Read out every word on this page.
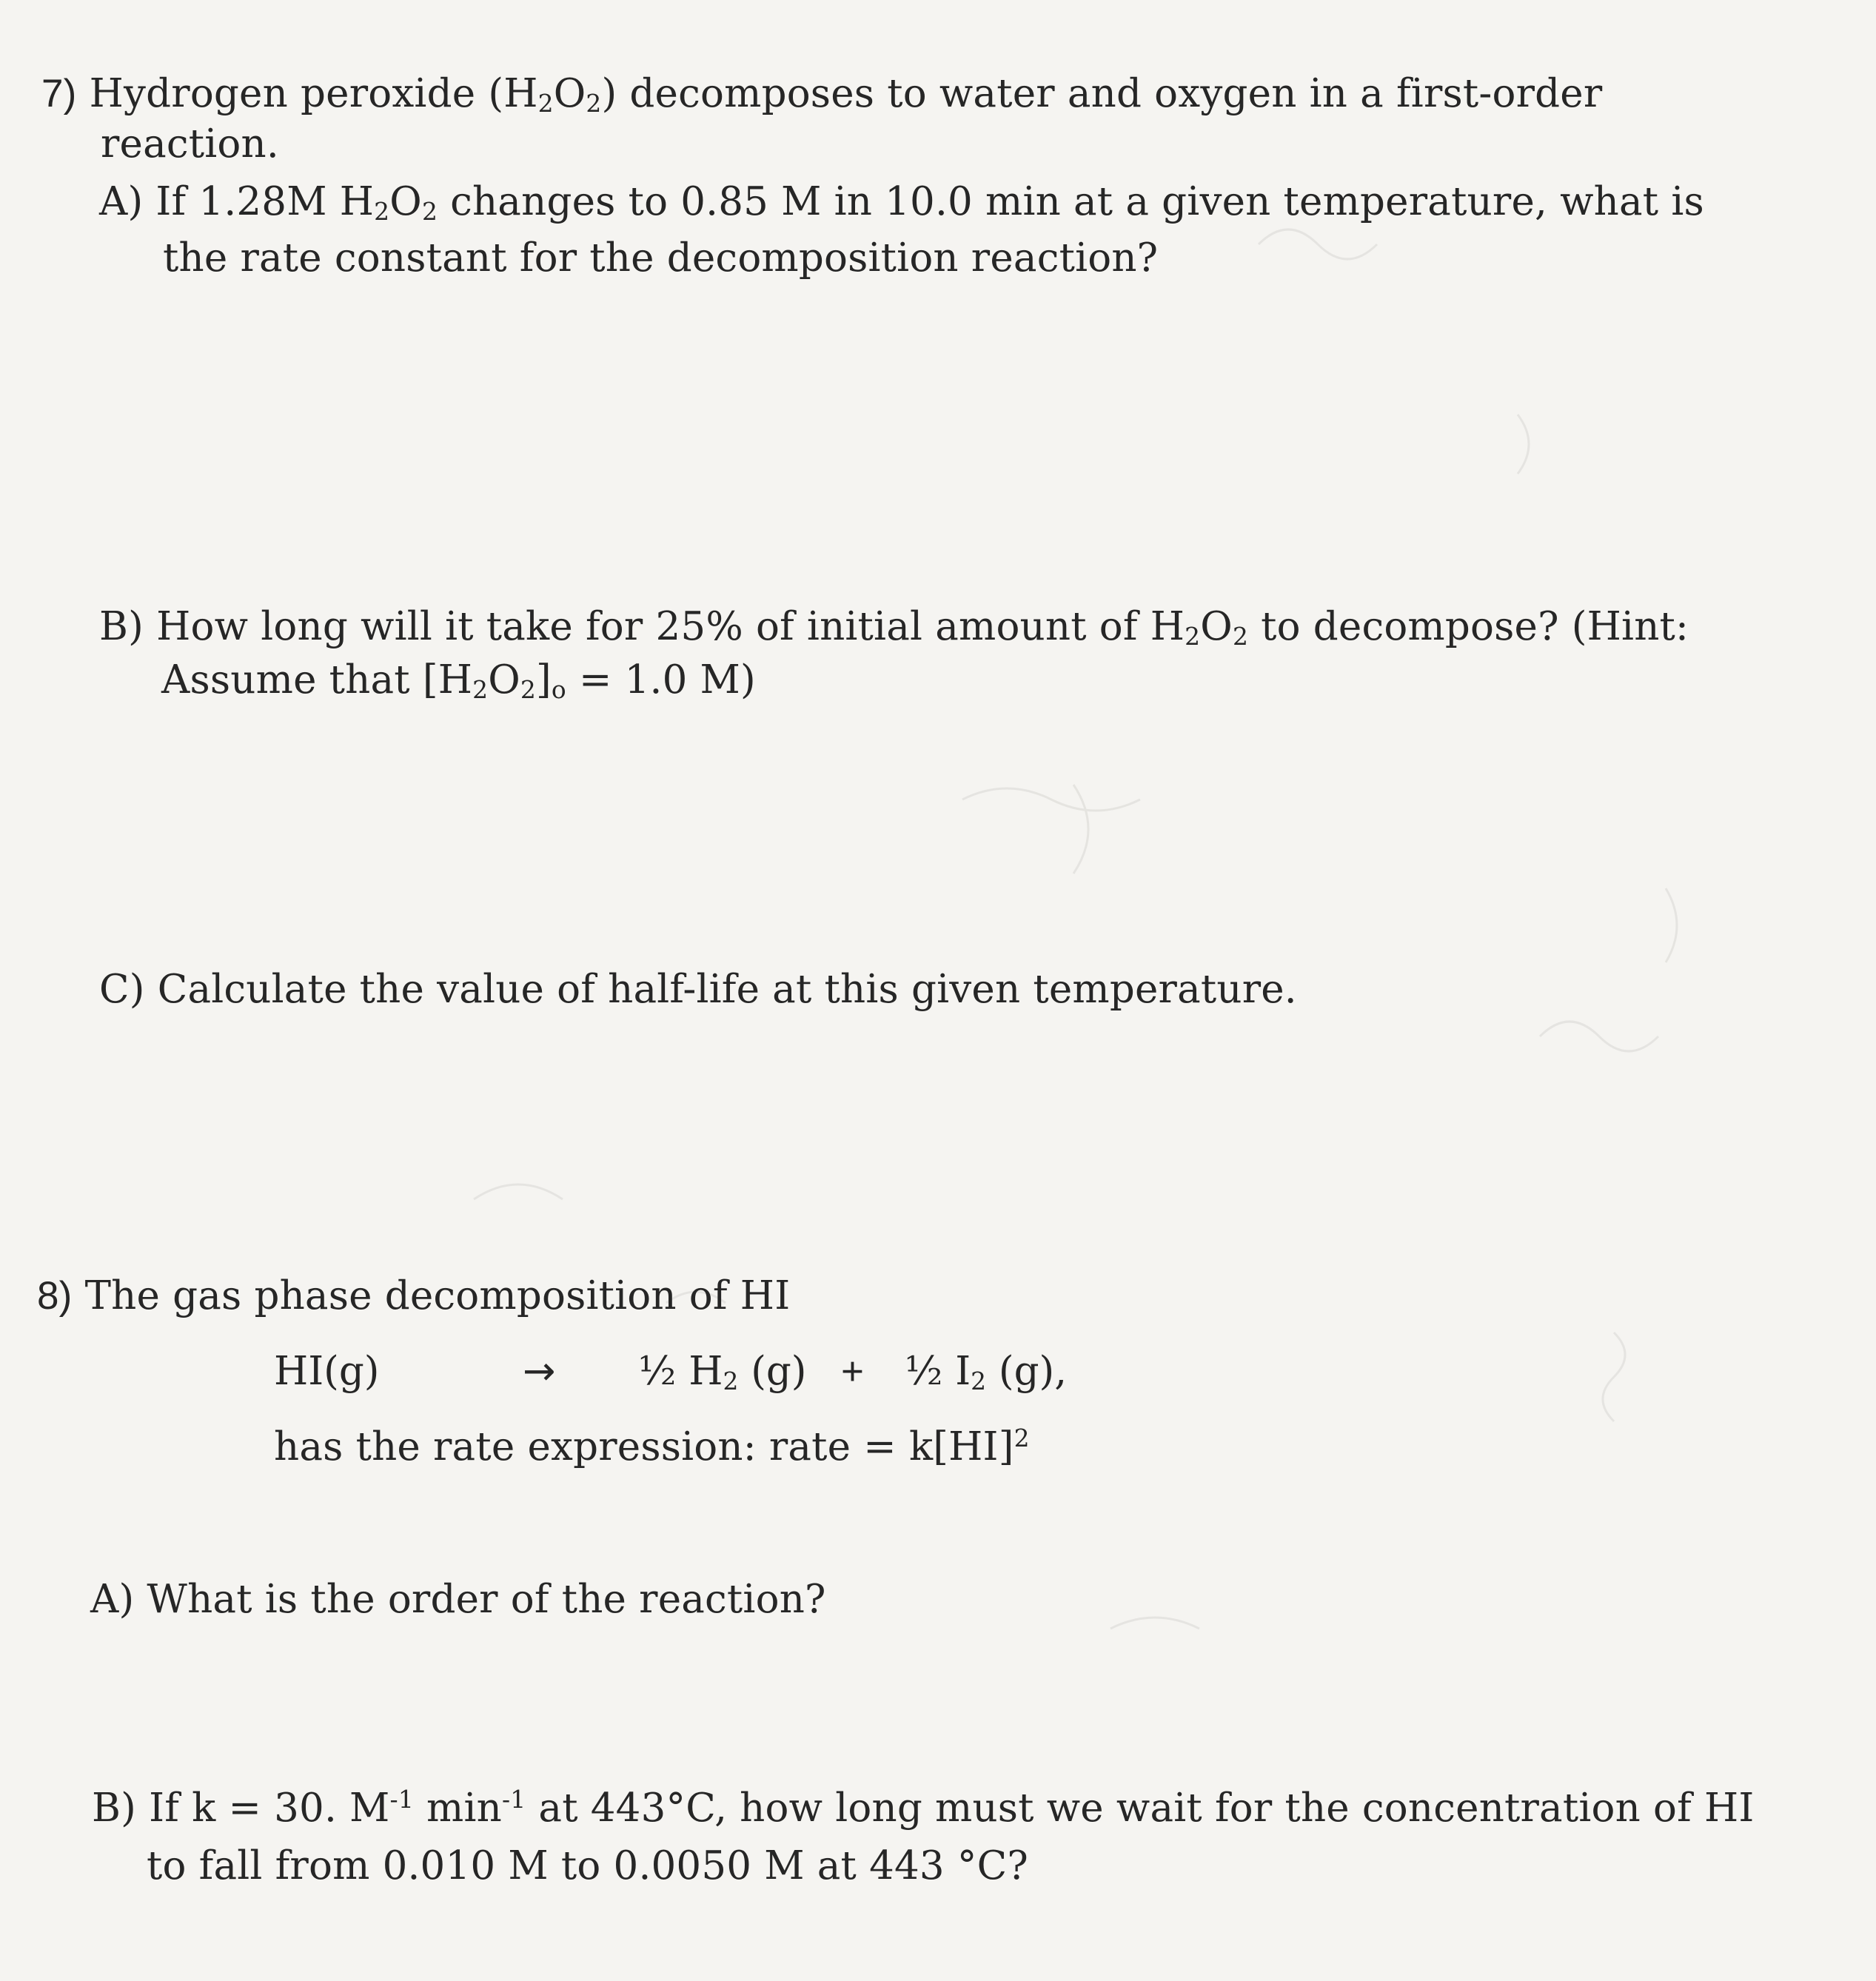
7) Hydrogen peroxide $(H_2O_2)$ decomposes to water and oxygen in a first-order
reaction.
A) If 1.28M $H_2O_2$ changes to 0.85 M in 10.0 min at a given temperature, what is
the rate constant for the decomposition reaction?
B) How long will it take for 25% of initial amount of $H_2O_2$ to decompose? (Hint:
Assume that $[H_2O_2]_o = 1.0$ M)
C) Calculate the value of half-life at this given temperature.
8) The gas phase decomposition of HI
HI(g)	→ ½ $H_2$ (g) + ½ $I_2$ (g),
has the rate expression: rate = k[HI]$^2$
A) What is the order of the reaction?
B) If k = 30. $M^{-1}$ $\min^{-1}$ at 443°C, how long must we wait for the concentration of HI
to fall from 0.010 M to 0.0050 M at 443 °C?
